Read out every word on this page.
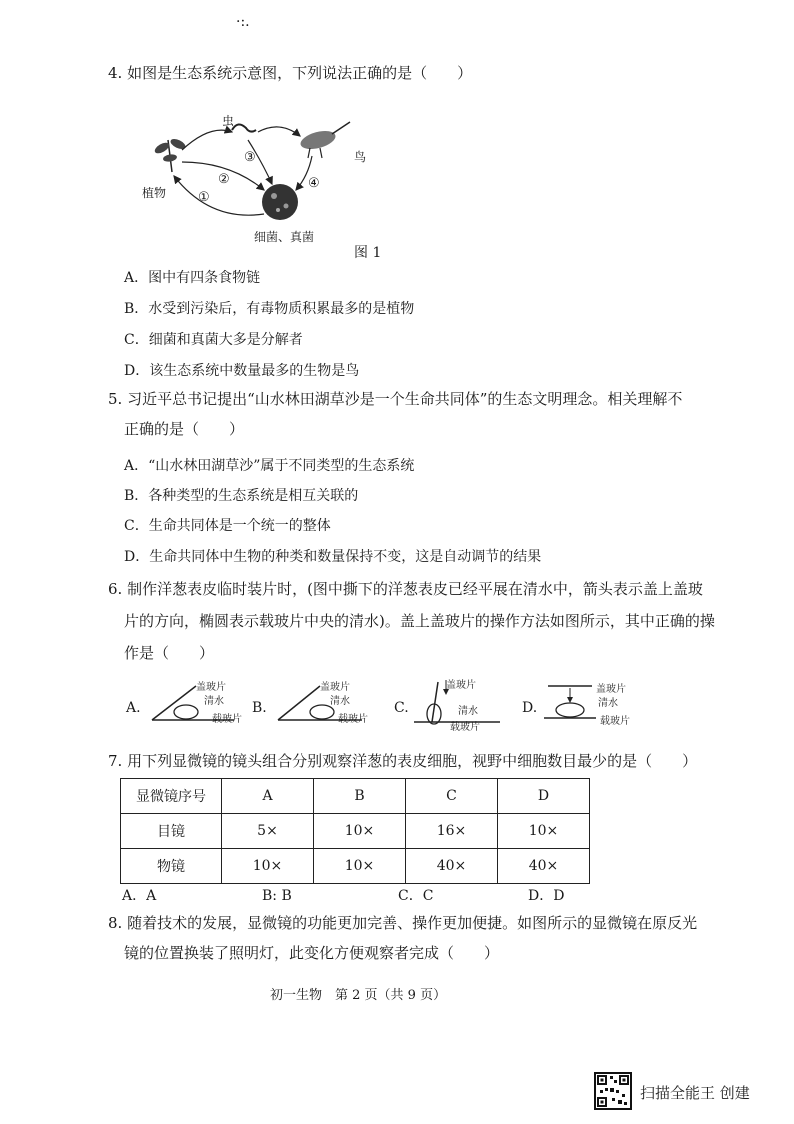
·:.
4. 如图是生态系统示意图，下列说法正确的是（　　）
虫
鸟
植物
细菌、真菌
①
②
③
④
图 1
A．图中有四条食物链
B．水受到污染后，有毒物质积累最多的是植物
C．细菌和真菌大多是分解者
D．该生态系统中数量最多的生物是鸟
5. 习近平总书记提出“山水林田湖草沙是一个生命共同体”的生态文明理念。相关理解不
正确的是（　　）
A．“山水林田湖草沙”属于不同类型的生态系统
B．各种类型的生态系统是相互关联的
C．生命共同体是一个统一的整体
D．生命共同体中生物的种类和数量保持不变，这是自动调节的结果
6. 制作洋葱表皮临时装片时，(图中撕下的洋葱表皮已经平展在清水中，箭头表示盖上盖玻
片的方向，椭圆表示载玻片中央的清水)。盖上盖玻片的操作方法如图所示，其中正确的操
作是（　　）
A.
盖玻片
清水
载玻片
B.
盖玻片
清水
载玻片
C.
盖玻片
清水
载玻片
D.
盖玻片
清水
载玻片
7. 用下列显微镜的镜头组合分别观察洋葱的表皮细胞，视野中细胞数目最少的是（　　）
显微镜序号	A	B	C	D
目镜	5×	10×	16×	10×
物镜	10×	10×	40×	40×
A．A	B: B	C．C	D．D
8. 随着技术的发展，显微镜的功能更加完善、操作更加便捷。如图所示的显微镜在原反光
镜的位置换装了照明灯，此变化方便观察者完成（　　）
初一生物　第 2 页（共 9 页）
扫描全能王 创建
